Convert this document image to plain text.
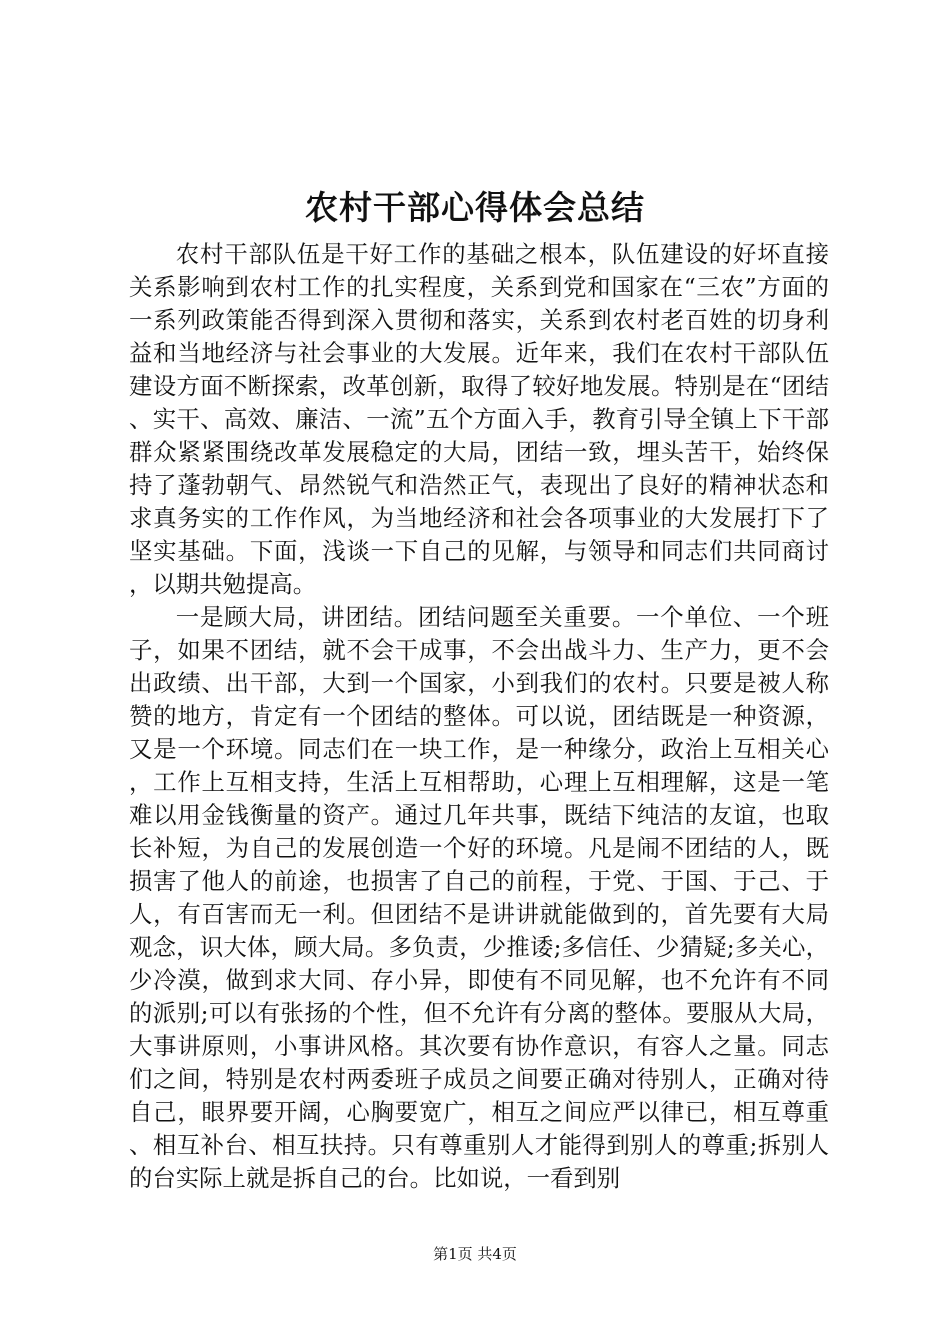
农村干部心得体会总结

农村干部队伍是干好工作的基础之根本，队伍建设的好坏直接关系影响到农村工作的扎实程度，关系到党和国家在“三农”方面的一系列政策能否得到深入贯彻和落实，关系到农村老百姓的切身利益和当地经济与社会事业的大发展。近年来，我们在农村干部队伍建设方面不断探索，改革创新，取得了较好地发展。特别是在“团结、实干、高效、廉洁、一流”五个方面入手，教育引导全镇上下干部群众紧紧围绕改革发展稳定的大局，团结一致，埋头苦干，始终保持了蓬勃朝气、昂然锐气和浩然正气，表现出了良好的精神状态和求真务实的工作作风，为当地经济和社会各项事业的大发展打下了坚实基础。下面，浅谈一下自己的见解，与领导和同志们共同商讨，以期共勉提高。

一是顾大局，讲团结。团结问题至关重要。一个单位、一个班子，如果不团结，就不会干成事，不会出战斗力、生产力，更不会出政绩、出干部，大到一个国家，小到我们的农村。只要是被人称赞的地方，肯定有一个团结的整体。可以说，团结既是一种资源，又是一个环境。同志们在一块工作，是一种缘分，政治上互相关心，工作上互相支持，生活上互相帮助，心理上互相理解，这是一笔难以用金钱衡量的资产。通过几年共事，既结下纯洁的友谊，也取长补短，为自己的发展创造一个好的环境。凡是闹不团结的人，既损害了他人的前途，也损害了自己的前程，于党、于国、于己、于人，有百害而无一利。但团结不是讲讲就能做到的，首先要有大局观念，识大体，顾大局。多负责，少推诿;多信任、少猜疑;多关心，少冷漠，做到求大同、存小异，即使有不同见解，也不允许有不同的派别;可以有张扬的个性，但不允许有分离的整体。要服从大局，大事讲原则，小事讲风格。其次要有协作意识，有容人之量。同志们之间，特别是农村两委班子成员之间要正确对待别人，正确对待自己，眼界要开阔，心胸要宽广，相互之间应严以律已，相互尊重、相互补台、相互扶持。只有尊重别人才能得到别人的尊重;拆别人的台实际上就是拆自己的台。比如说，一看到别

第1页 共4页
